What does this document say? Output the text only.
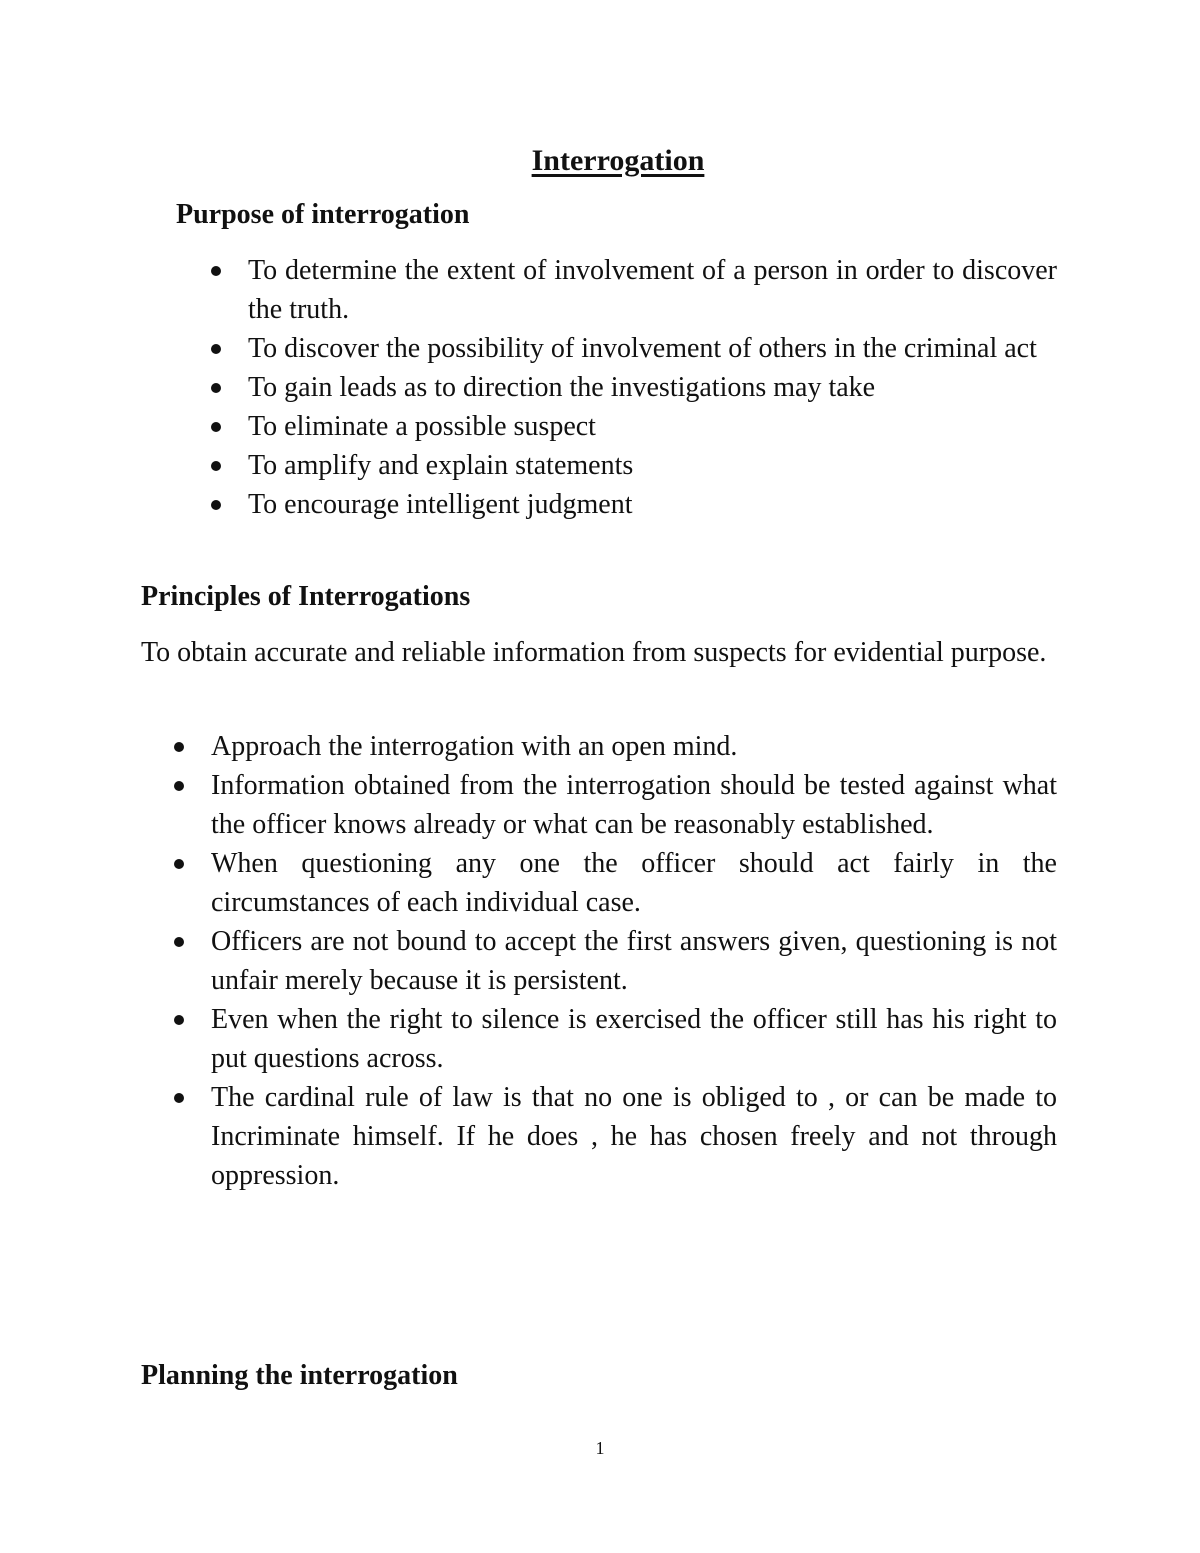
Interrogation
Purpose of interrogation
To determine the extent of involvement of a person in order to discover the truth.
To discover the possibility of involvement of others in the criminal act
To gain leads as to direction the investigations may take
To eliminate a possible suspect
To amplify and explain statements
To encourage intelligent judgment
Principles of Interrogations

To obtain accurate and reliable information from suspects for evidential purpose.

Approach the interrogation with an open mind.
Information obtained from the interrogation should be tested against what the officer knows already or what can be reasonably established.
When questioning any one the officer should act fairly in the circumstances of each individual case.
Officers are not bound to accept the first answers given, questioning is not unfair merely because it is persistent.
Even when the right to silence is exercised the officer still has his right to put questions across.
The cardinal rule of law is that no one is obliged to , or can be made to Incriminate himself. If he does , he has chosen freely and not through oppression.
Planning the interrogation
1
